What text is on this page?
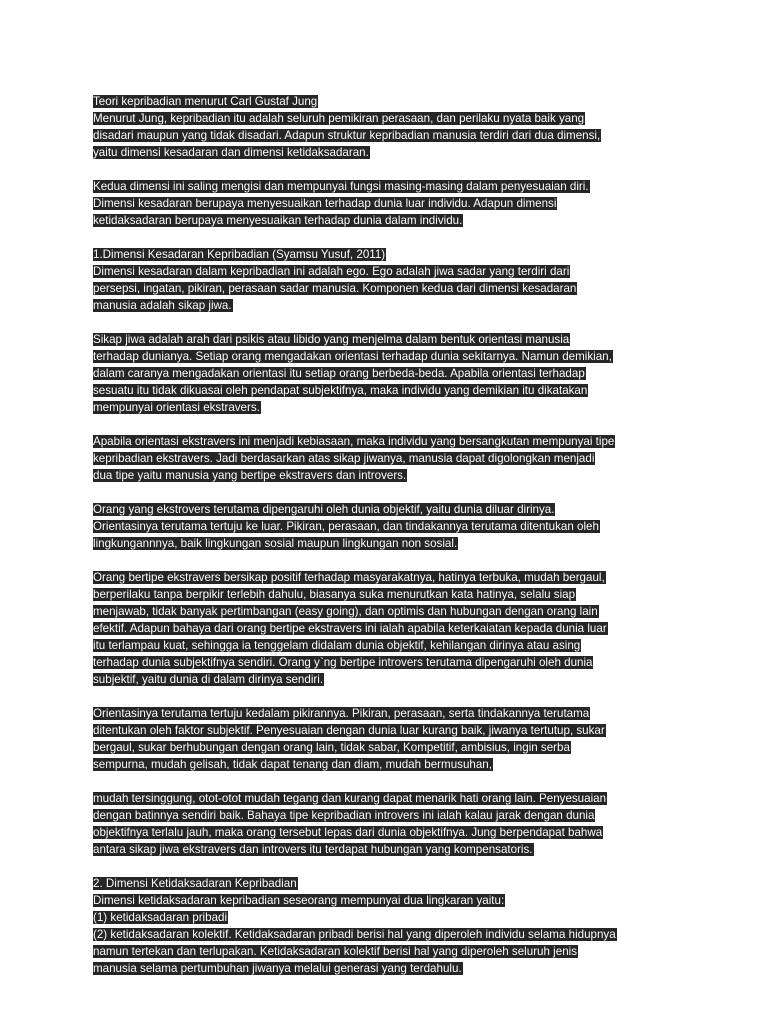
Teori kepribadian menurut Carl Gustaf Jung
Menurut Jung, kepribadian itu adalah seluruh pemikiran perasaan, dan perilaku nyata baik yang
disadari maupun yang tidak disadari. Adapun struktur kepribadian manusia terdiri dari dua dimensi,
yaitu dimensi kesadaran dan dimensi ketidaksadaran.
Kedua dimensi ini saling mengisi dan mempunyai fungsi masing-masing dalam penyesuaian diri.
Dimensi kesadaran berupaya menyesuaikan terhadap dunia luar individu. Adapun dimensi
ketidaksadaran berupaya menyesuaikan terhadap dunia dalam individu.
1.Dimensi Kesadaran Kepribadian (Syamsu Yusuf, 2011)
Dimensi kesadaran dalam kepribadian ini adalah ego. Ego adalah jiwa sadar yang terdiri dari
persepsi, ingatan, pikiran, perasaan sadar manusia. Komponen kedua dari dimensi kesadaran
manusia adalah sikap jiwa.
Sikap jiwa adalah arah dari psikis atau libido yang menjelma dalam bentuk orientasi manusia
terhadap dunianya. Setiap orang mengadakan orientasi terhadap dunia sekitarnya. Namun demikian,
dalam caranya mengadakan orientasi itu setiap orang berbeda-beda. Apabila orientasi terhadap
sesuatu itu tidak dikuasai oleh pendapat subjektifnya, maka individu yang demikian itu dikatakan
mempunyai orientasi ekstravers.
Apabila orientasi ekstravers ini menjadi kebiasaan, maka individu yang bersangkutan mempunyai tipe
kepribadian ekstravers. Jadi berdasarkan atas sikap jiwanya, manusia dapat digolongkan menjadi
dua tipe yaitu manusia yang bertipe ekstravers dan introvers.
Orang yang ekstrovers terutama dipengaruhi oleh dunia objektif, yaitu dunia diluar dirinya.
Orientasinya terutama tertuju ke luar. Pikiran, perasaan, dan tindakannya terutama ditentukan oleh
lingkungannnya, baik lingkungan sosial maupun lingkungan non sosial.
Orang bertipe ekstravers bersikap positif terhadap masyarakatnya, hatinya terbuka, mudah bergaul,
berperilaku tanpa berpikir terlebih dahulu, biasanya suka menurutkan kata hatinya, selalu siap
menjawab, tidak banyak pertimbangan (easy going), dan optimis dan hubungan dengan orang lain
efektif. Adapun bahaya dari orang bertipe ekstravers ini ialah apabila keterkaiatan kepada dunia luar
itu terlampau kuat, sehingga ia tenggelam didalam dunia objektif, kehilangan dirinya atau asing
terhadap dunia subjektifnya sendiri. Orang y`ng bertipe introvers terutama dipengaruhi oleh dunia
subjektif, yaitu dunia di dalam dirinya sendiri.
Orientasinya terutama tertuju kedalam pikirannya. Pikiran, perasaan, serta tindakannya terutama
ditentukan oleh faktor subjektif. Penyesuaian dengan dunia luar kurang baik, jiwanya tertutup, sukar
bergaul, sukar berhubungan dengan orang lain, tidak sabar, Kompetitif, ambisius, ingin serba
sempurna, mudah gelisah, tidak dapat tenang dan diam, mudah bermusuhan,
mudah tersinggung, otot-otot mudah tegang dan kurang dapat menarik hati orang lain. Penyesuaian
dengan batinnya sendiri baik. Bahaya tipe kepribadian introvers ini ialah kalau jarak dengan dunia
objektifnya terlalu jauh, maka orang tersebut lepas dari dunia objektifnya. Jung berpendapat bahwa
antara sikap jiwa ekstravers dan introvers itu terdapat hubungan yang kompensatoris.
2. Dimensi Ketidaksadaran Kepribadian
Dimensi ketidaksadaran kepribadian seseorang mempunyai dua lingkaran yaitu:
(1) ketidaksadaran pribadi
(2) ketidaksadaran kolektif. Ketidaksadaran pribadi berisi hal yang diperoleh individu selama hidupnya
namun tertekan dan terlupakan. Ketidaksadaran kolektif berisi hal yang diperoleh seluruh jenis
manusia selama pertumbuhan jiwanya melalui generasi yang terdahulu.
